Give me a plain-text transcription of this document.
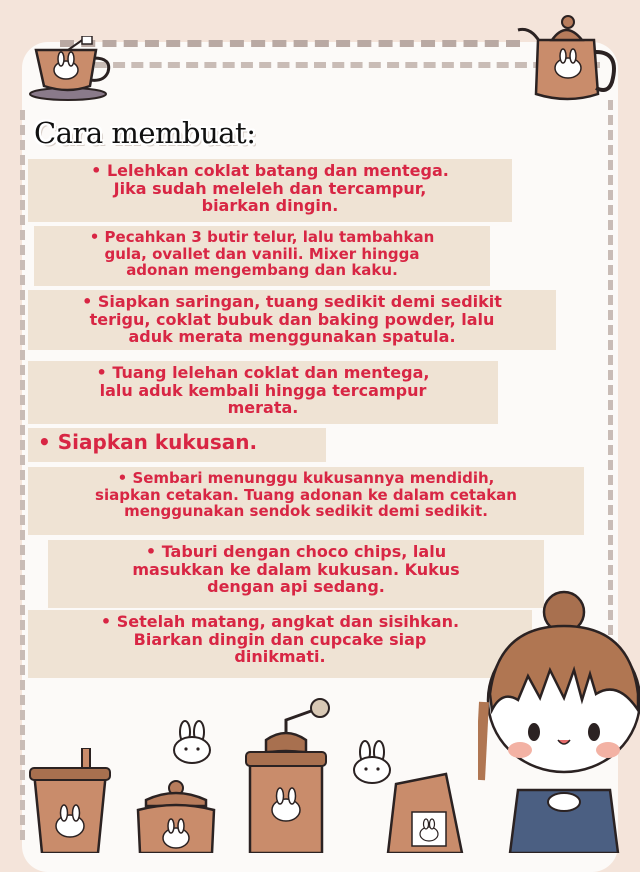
Cara membuat:
• Lelehkan coklat batang dan mentega.
Jika sudah meleleh dan tercampur,
biarkan dingin.
• Pecahkan 3 butir telur, lalu tambahkan
gula, ovallet dan vanili. Mixer hingga
adonan mengembang dan kaku.
• Siapkan saringan, tuang sedikit demi sedikit
terigu, coklat bubuk dan baking powder, lalu
aduk merata menggunakan spatula.
• Tuang lelehan coklat dan mentega,
lalu aduk kembali hingga tercampur
merata.
• Siapkan kukusan.
• Sembari menunggu kukusannya mendidih,
siapkan cetakan. Tuang adonan ke dalam cetakan
menggunakan sendok sedikit demi sedikit.
• Taburi dengan choco chips, lalu
masukkan ke dalam kukusan. Kukus
dengan api sedang.
• Setelah matang, angkat dan sisihkan.
Biarkan dingin dan cupcake siap
dinikmati.
